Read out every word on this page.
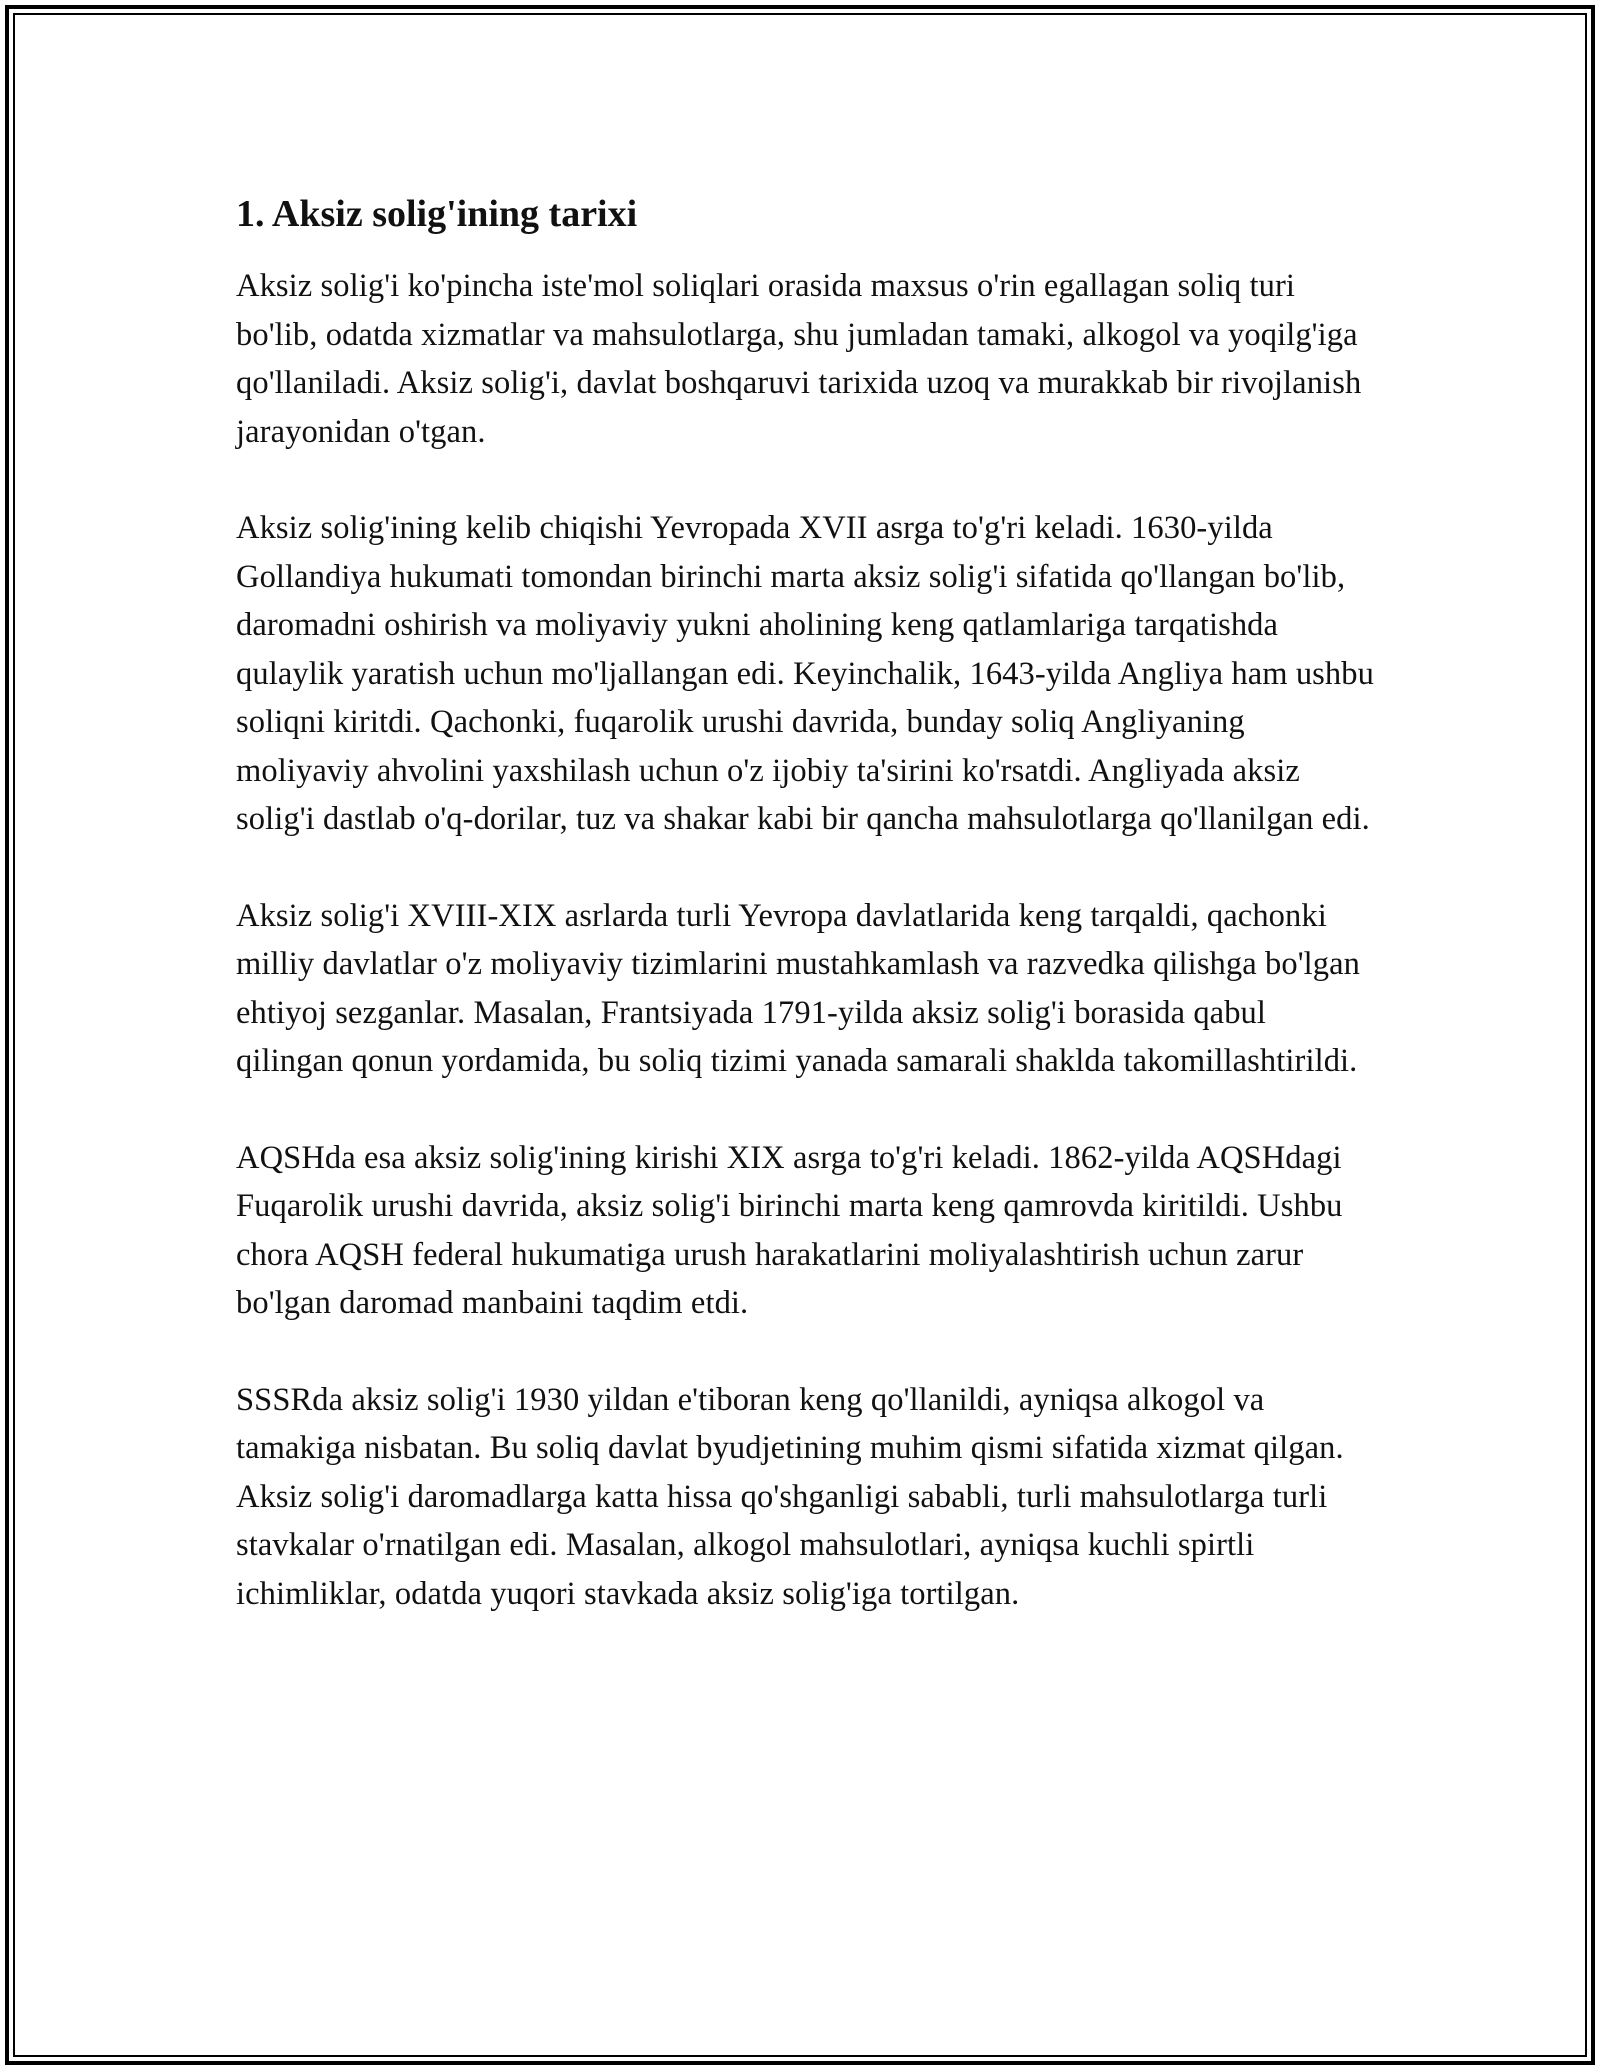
1. Aksiz solig'ining tarixi

Aksiz solig'i ko'pincha iste'mol soliqlari orasida maxsus o'rin egallagan soliq turi bo'lib, odatda xizmatlar va mahsulotlarga, shu jumladan tamaki, alkogol va yoqilg'iga qo'llaniladi. Aksiz solig'i, davlat boshqaruvi tarixida uzoq va murakkab bir rivojlanish jarayonidan o'tgan.

Aksiz solig'ining kelib chiqishi Yevropada XVII asrga to'g'ri keladi. 1630-yilda Gollandiya hukumati tomondan birinchi marta aksiz solig'i sifatida qo'llangan bo'lib, daromadni oshirish va moliyaviy yukni aholining keng qatlamlariga tarqatishda qulaylik yaratish uchun mo'ljallangan edi. Keyinchalik, 1643-yilda Angliya ham ushbu soliqni kiritdi. Qachonki, fuqarolik urushi davrida, bunday soliq Angliyaning moliyaviy ahvolini yaxshilash uchun o'z ijobiy ta'sirini ko'rsatdi. Angliyada aksiz solig'i dastlab o'q-dorilar, tuz va shakar kabi bir qancha mahsulotlarga qo'llanilgan edi.

Aksiz solig'i XVIII-XIX asrlarda turli Yevropa davlatlarida keng tarqaldi, qachonki milliy davlatlar o'z moliyaviy tizimlarini mustahkamlash va razvedka qilishga bo'lgan ehtiyoj sezganlar. Masalan, Frantsiyada 1791-yilda aksiz solig'i borasida qabul qilingan qonun yordamida, bu soliq tizimi yanada samarali shaklda takomillashtirildi.

AQSHda esa aksiz solig'ining kirishi XIX asrga to'g'ri keladi. 1862-yilda AQSHdagi Fuqarolik urushi davrida, aksiz solig'i birinchi marta keng qamrovda kiritildi. Ushbu chora AQSH federal hukumatiga urush harakatlarini moliyalashtirish uchun zarur bo'lgan daromad manbaini taqdim etdi.

SSSRda aksiz solig'i 1930 yildan e'tiboran keng qo'llanildi, ayniqsa alkogol va tamakiga nisbatan. Bu soliq davlat byudjetining muhim qismi sifatida xizmat qilgan. Aksiz solig'i daromadlarga katta hissa qo'shganligi sababli, turli mahsulotlarga turli stavkalar o'rnatilgan edi. Masalan, alkogol mahsulotlari, ayniqsa kuchli spirtli ichimliklar, odatda yuqori stavkada aksiz solig'iga tortilgan.
